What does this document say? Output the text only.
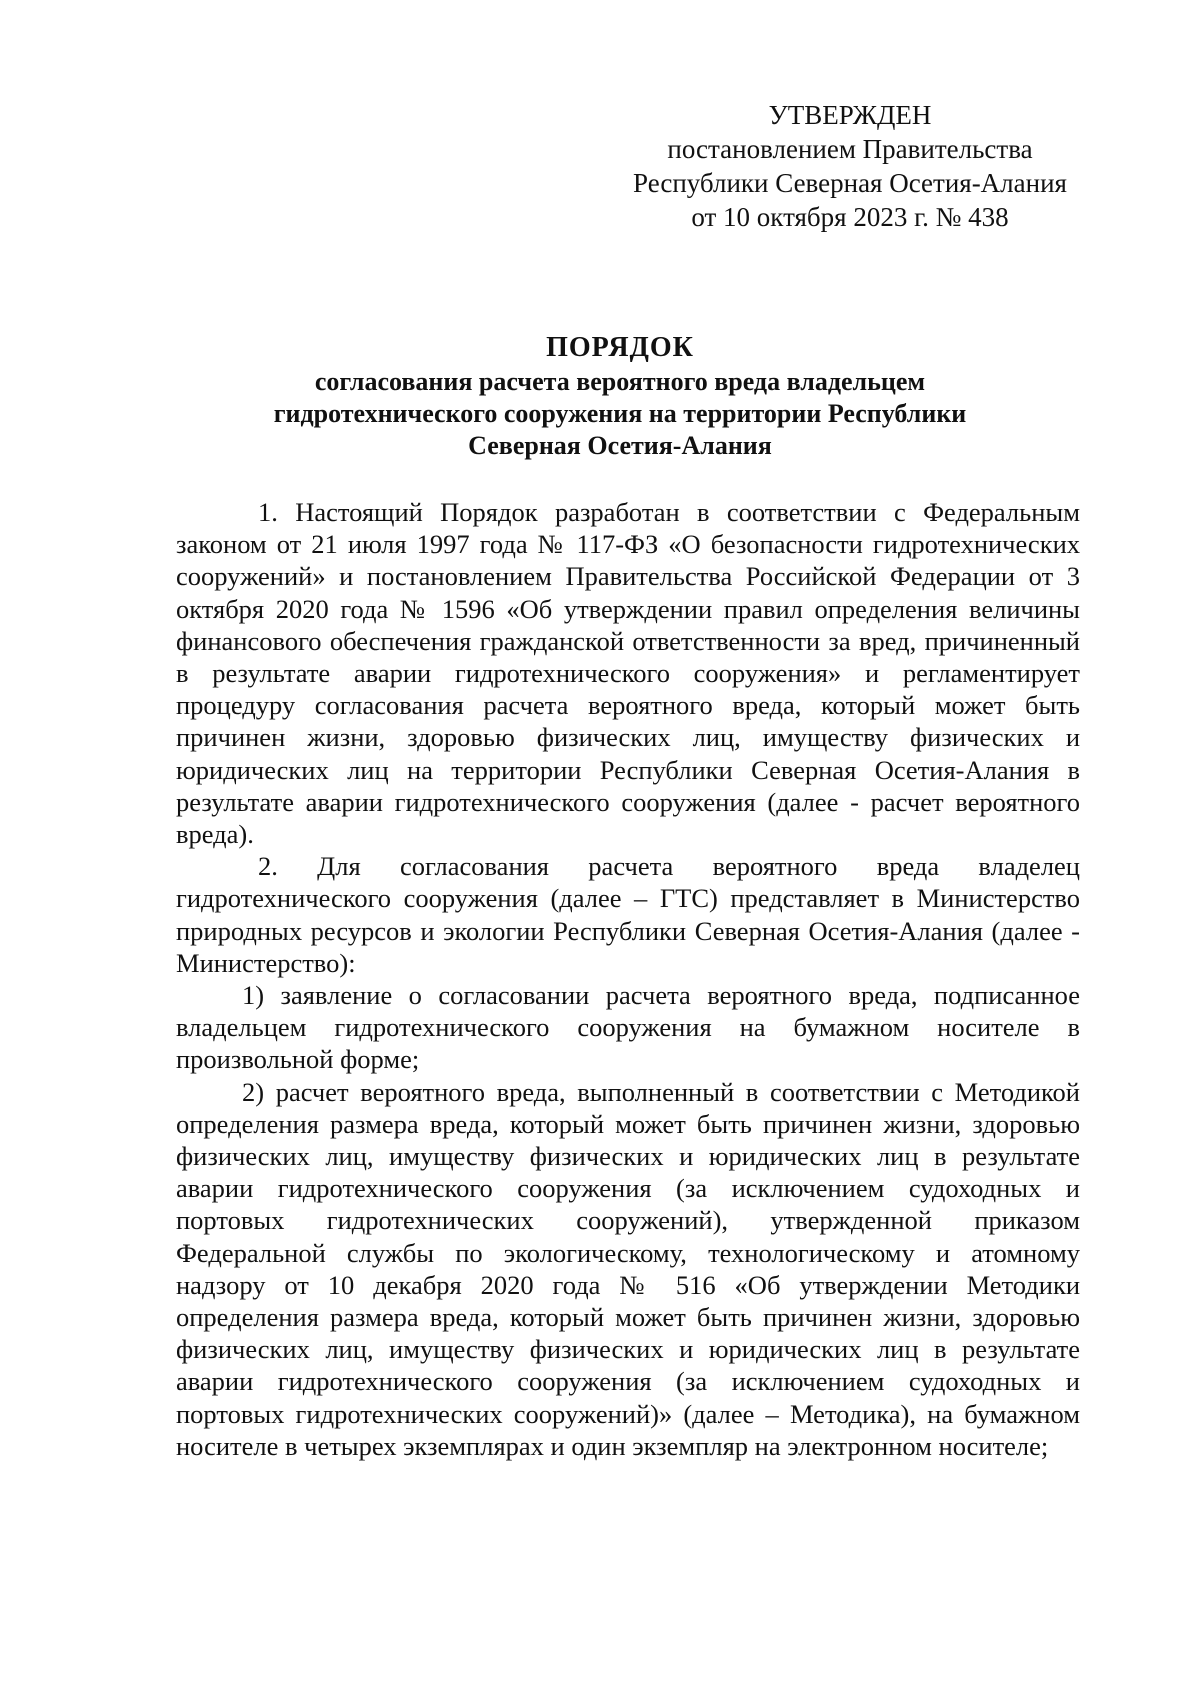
УТВЕРЖДЕН
постановлением Правительства
Республики Северная Осетия-Алания
от 10 октября 2023 г. № 438
ПОРЯДОК
согласования расчета вероятного вреда владельцем
гидротехнического сооружения на территории Республики
Северная Осетия-Алания

1. Настоящий Порядок разработан в соответствии с Федеральным законом от 21 июля 1997 года № 117-ФЗ «О безопасности гидротехнических сооружений» и постановлением Правительства Российской Федерации от 3 октября 2020 года № 1596 «Об утверждении правил определения величины финансового обеспечения гражданской ответственности за вред, причиненный в результате аварии гидротехнического сооружения» и регламентирует процедуру согласования расчета вероятного вреда, который может быть причинен жизни, здоровью физических лиц, имуществу физических и юридических лиц на территории Республики Северная Осетия-Алания в результате аварии гидротехнического сооружения (далее - расчет вероятного вреда).

2. Для согласования расчета вероятного вреда владелец гидротехнического сооружения (далее – ГТС) представляет в Министерство природных ресурсов и экологии Республики Северная Осетия-Алания (далее - Министерство):

1) заявление о согласовании расчета вероятного вреда, подписанное владельцем гидротехнического сооружения на бумажном носителе в произвольной форме;

2) расчет вероятного вреда, выполненный в соответствии с Методикой определения размера вреда, который может быть причинен жизни, здоровью физических лиц, имуществу физических и юридических лиц в результате аварии гидротехнического сооружения (за исключением судоходных и портовых гидротехнических сооружений), утвержденной приказом Федеральной службы по экологическому, технологическому и атомному надзору от 10 декабря 2020 года № 516 «Об утверждении Методики определения размера вреда, который может быть причинен жизни, здоровью физических лиц, имуществу физических и юридических лиц в результате аварии гидротехнического сооружения (за исключением судоходных и портовых гидротехнических сооружений)» (далее – Методика), на бумажном носителе в четырех экземплярах и один экземпляр на электронном носителе;
